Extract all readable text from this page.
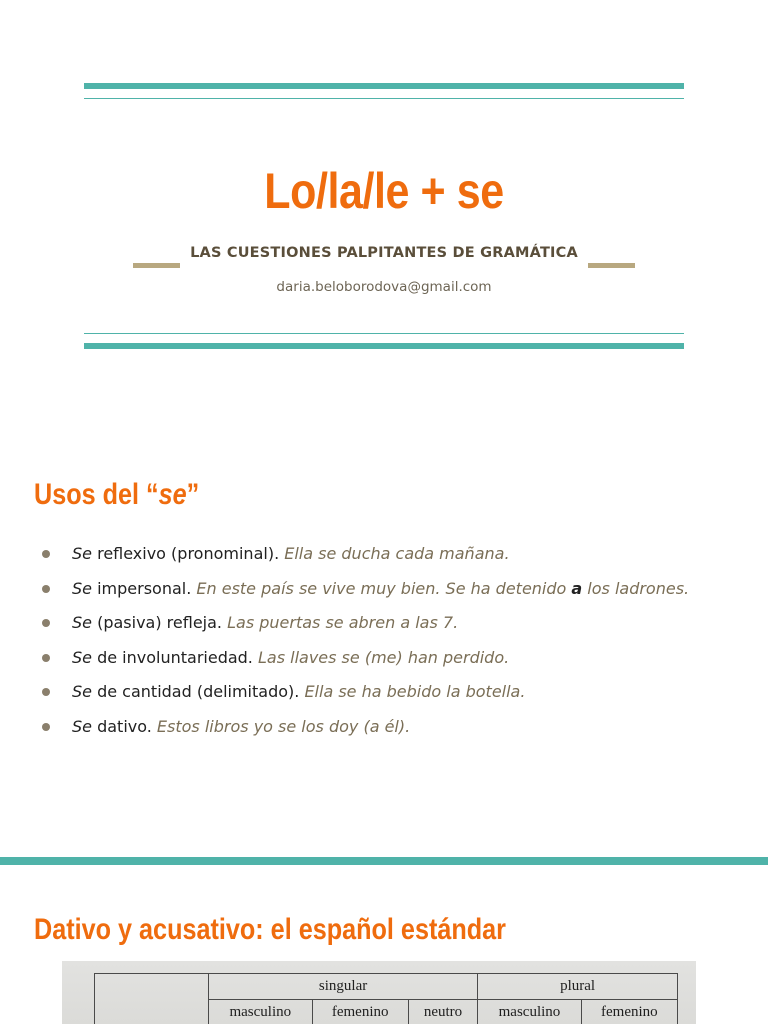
Lo/la/le + se
LAS CUESTIONES PALPITANTES DE GRAMÁTICA
daria.beloborodova@gmail.com
Usos del “se”
Se reflexivo (pronominal). Ella se ducha cada mañana.
Se impersonal. En este país se vive muy bien. Se ha detenido a los ladrones.
Se (pasiva) refleja. Las puertas se abren a las 7.
Se de involuntariedad. Las llaves se (me) han perdido.
Se de cantidad (delimitado). Ella se ha bebido la botella.
Se dativo. Estos libros yo se los doy (a él).
Dativo y acusativo: el español estándar
	singular			plural	
	masculino	femenino	neutro	masculino	femenino
